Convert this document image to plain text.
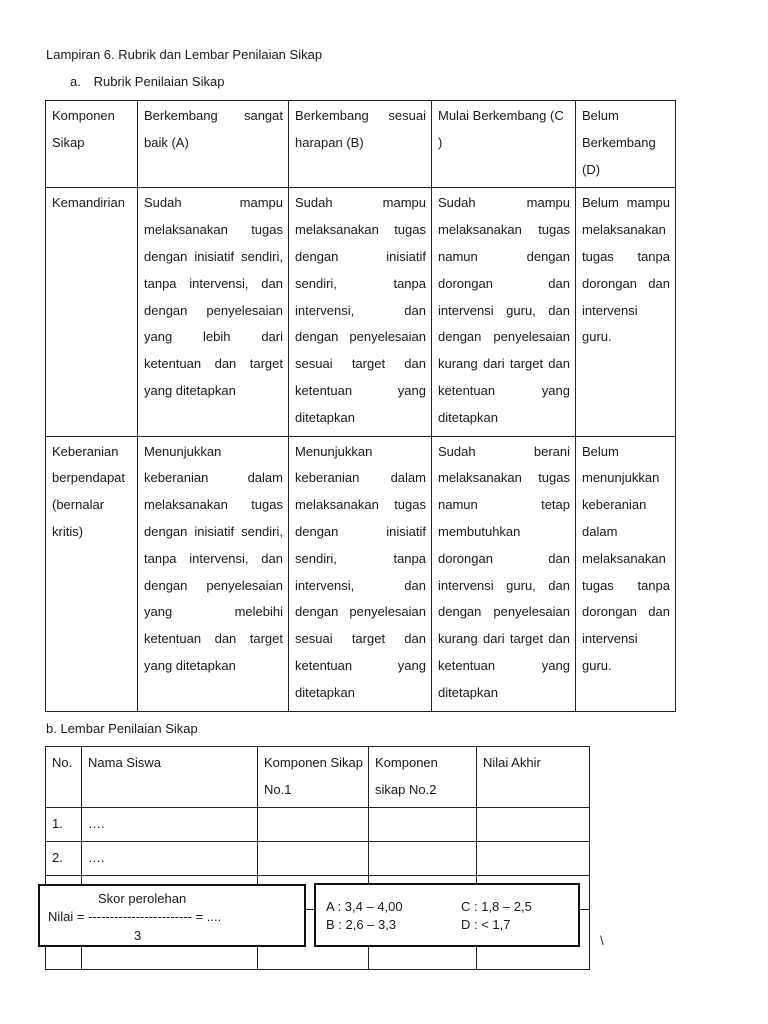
Lampiran 6. Rubrik dan Lembar Penilaian Sikap
a. Rubrik Penilaian Sikap
Komponen Sikap	Berkembang sangat baik (A)	Berkembang sesuai harapan (B)	Mulai Berkembang (C )	Belum Berkembang (D)
Kemandirian	Sudah mampu melaksanakan tugas dengan inisiatif sendiri, tanpa intervensi, dan dengan penyelesaian yang lebih dari ketentuan dan target yang ditetapkan	Sudah mampu melaksanakan tugas dengan inisiatif sendiri, tanpa intervensi, dan dengan penyelesaian sesuai target dan ketentuan yang ditetapkan	Sudah mampu melaksanakan tugas namun dengan dorongan dan intervensi guru, dan dengan penyelesaian kurang dari target dan ketentuan yang ditetapkan	Belum mampu melaksanakan tugas tanpa dorongan dan intervensi guru.
Keberanian berpendapat (bernalar kritis)	Menunjukkan keberanian dalam melaksanakan tugas dengan inisiatif sendiri, tanpa intervensi, dan dengan penyelesaian yang melebihi ketentuan dan target yang ditetapkan	Menunjukkan keberanian dalam melaksanakan tugas dengan inisiatif sendiri, tanpa intervensi, dan dengan penyelesaian sesuai target dan ketentuan yang ditetapkan	Sudah berani melaksanakan tugas namun tetap membutuhkan dorongan dan intervensi guru, dan dengan penyelesaian kurang dari target dan ketentuan yang ditetapkan	Belum menunjukkan keberanian dalam melaksanakan tugas tanpa dorongan dan intervensi guru.
b. Lembar Penilaian Sikap
No.	Nama Siswa	Komponen Sikap No.1	Komponen sikap No.2	Nilai Akhir
1.	….			
2.	….			

Skor perolehan
Nilai = ------------------------ = ....
3
A : 3,4 – 4,00
B : 2,6 – 3,3
C : 1,8 – 2,5
D : < 1,7
\
